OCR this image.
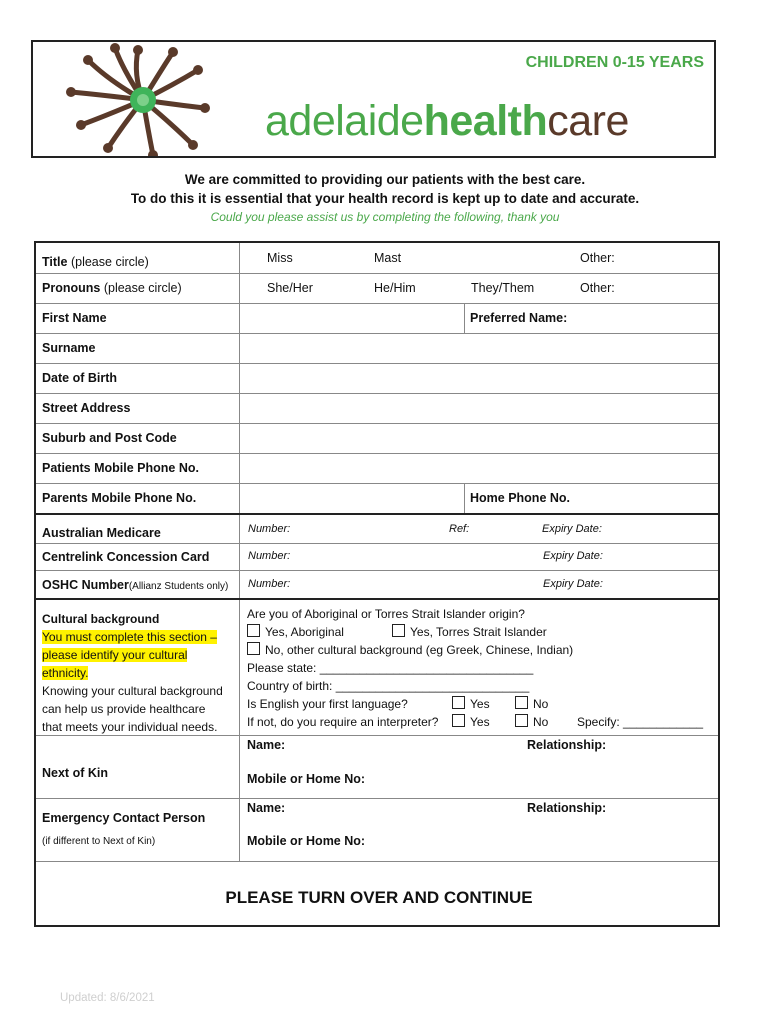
CHILDREN 0-15 YEARS
adelaidehealthcare
We are committed to providing our patients with the best care.
To do this it is essential that your health record is kept up to date and accurate.
Could you please assist us by completing the following, thank you
Title (please circle)	Miss	Mast	Other:
Pronouns (please circle)	She/Her	He/Him	They/Them	Other:
First Name	Preferred Name:
Surname
Date of Birth
Street Address
Suburb and Post Code
Patients Mobile Phone No.
Parents Mobile Phone No.	Home Phone No.
Australian Medicare	Number:	Ref:	Expiry Date:
Centrelink Concession Card	Number:	Expiry Date:
OSHC Number(Allianz Students only) Number:	Expiry Date:
Cultural background
You must complete this section –
please identify your cultural
ethnicity.
Knowing your cultural background
can help us provide healthcare
that meets your individual needs.
Are you of Aboriginal or Torres Strait Islander origin?
Yes, Aboriginal	Yes, Torres Strait Islander
No, other cultural background (eg Greek, Chinese, Indian)
Please state: ________________________________
Country of birth: _____________________________
Is English your first language?	Yes	No
If not, do you require an interpreter?	Yes	No Specify: ____________
Next of Kin
Name:	Relationship:
Mobile or Home No:
Emergency Contact Person
(if different to Next of Kin)
Name:	Relationship:
Mobile or Home No:
PLEASE TURN OVER AND CONTINUE
Updated: 8/6/2021
